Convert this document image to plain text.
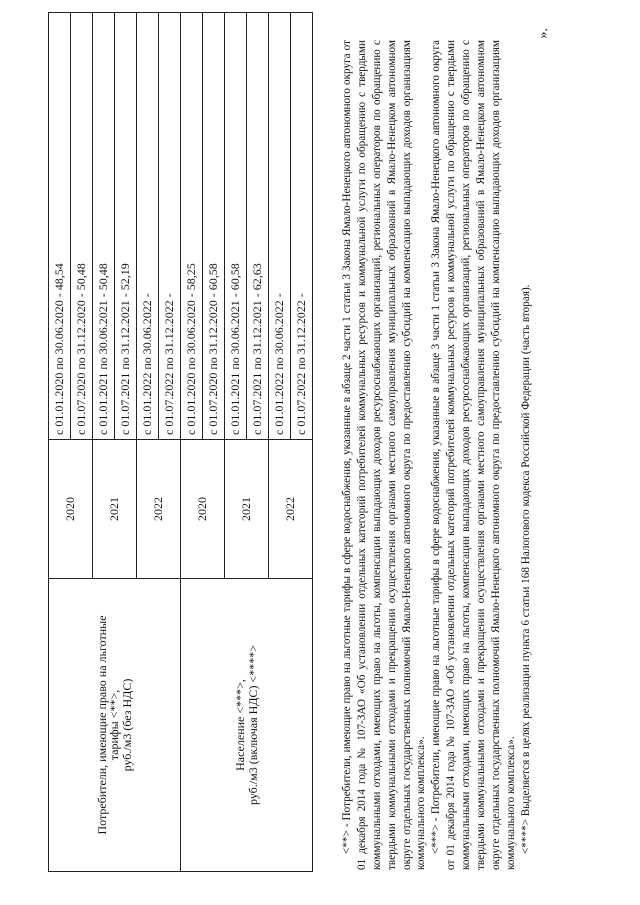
Потребители, имеющие право на льготные
тарифы <**>,
руб./м3 (без НДС)	2020	с 01.01.2020 по 30.06.2020 - 48,54
		с 01.07.2020 по 31.12.2020 - 50,48
	2021	с 01.01.2021 по 30.06.2021 - 50,48
		с 01.07.2021 по 31.12.2021 - 52,19
	2022	с 01.01.2022 по 30.06.2022 -
		с 01.07.2022 по 31.12.2022 -

Население <***>,
руб./м3 (включая НДС) <****>	2020	с 01.01.2020 по 30.06.2020 - 58,25
		с 01.07.2020 по 31.12.2020 - 60,58
	2021	с 01.01.2021 по 30.06.2021 - 60,58
		с 01.07.2021 по 31.12.2021 - 62,63
	2022	с 01.01.2022 по 30.06.2022 -
		с 01.07.2022 по 31.12.2022 -	<**> - Потребители, имеющие право на льготные тарифы в сфере водоснабжения, указанные в абзаце 2 части 1 статьи 3 Закона Ямало-Ненецкого автономного округа от 01 декабря 2014 года № 107-ЗАО «Об установлении отдельных категорий потребителей коммунальных ресурсов и коммунальной услуги по обращению с твердыми коммунальными отходами, имеющих право на льготы, компенсации выпадающих доходов ресурсоснабжающих организаций, региональных операторов по обращению с твердыми коммунальными отходами и прекращении осуществления органами местного самоуправления муниципальных образований в Ямало-Ненецком автономном округе отдельных государственных полномочий Ямало-Ненецкого автономного округа по предоставлению субсидий на компенсацию выпадающих доходов организациям коммунального комплекса». <***> - Потребители, имеющие право на льготные тарифы в сфере водоснабжения, указанные в абзаце 3 части 1 статьи 3 Закона Ямало-Ненецкого автономного округа от 01 декабря 2014 года № 107-ЗАО «Об установлении отдельных категорий потребителей коммунальных ресурсов и коммунальной услуги по обращению с твердыми коммунальными отходами, имеющих право на льготы, компенсации выпадающих доходов ресурсоснабжающих организаций, региональных операторов по обращению с твердыми коммунальными отходами и прекращении осуществления органами местного самоуправления муниципальных образований в Ямало-Ненецком автономном округе отдельных государственных полномочий Ямало-Ненецкого автономного округа по предоставлению субсидий на компенсацию выпадающих доходов организациям коммунального комплекса». <****> Выделяется в целях реализации пункта 6 статьи 168 Налогового кодекса Российской Федерации (часть вторая).

».
